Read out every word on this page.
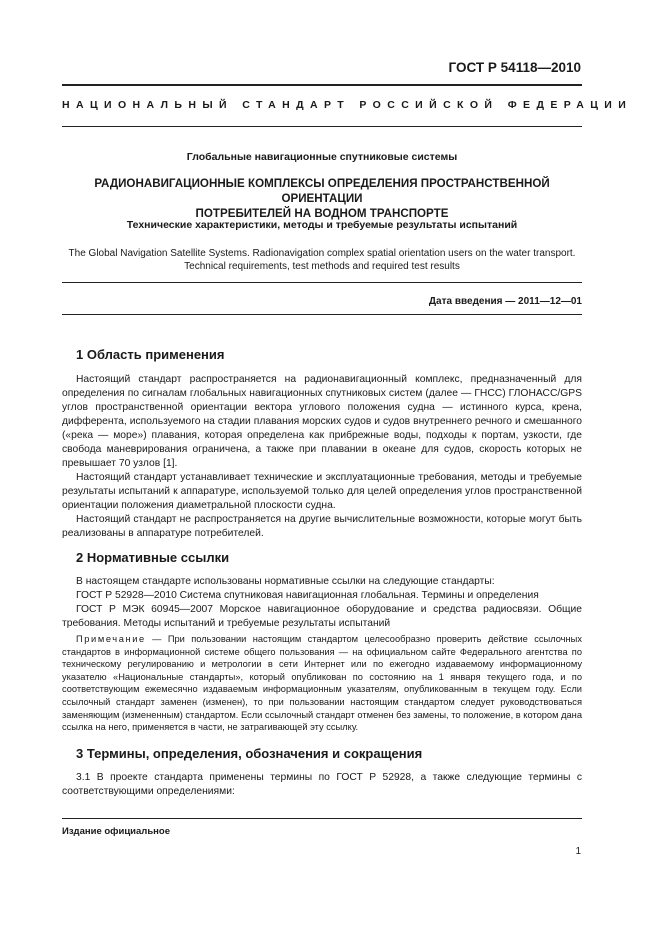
ГОСТ Р 54118—2010
НАЦИОНАЛЬНЫЙ СТАНДАРТ РОССИЙСКОЙ ФЕДЕРАЦИИ
Глобальные навигационные спутниковые системы
РАДИОНАВИГАЦИОННЫЕ КОМПЛЕКСЫ ОПРЕДЕЛЕНИЯ ПРОСТРАНСТВЕННОЙ ОРИЕНТАЦИИ
ПОТРЕБИТЕЛЕЙ НА ВОДНОМ ТРАНСПОРТЕ
Технические характеристики, методы и требуемые результаты испытаний
The Global Navigation Satellite Systems. Radionavigation complex spatial orientation users on the water transport.
Technical requirements, test methods and required test results
Дата введения — 2011—12—01
1 Область применения

Настоящий стандарт распространяется на радионавигационный комплекс, предназначенный для определения по сигналам глобальных навигационных спутниковых систем (далее — ГНСС) ГЛОНАСС/GPS углов пространственной ориентации вектора углового положения судна — истинного курса, крена, дифферента, используемого на стадии плавания морских судов и судов внутреннего речного и смешанного («река — море») плавания, которая определена как прибрежные воды, подходы к портам, узкости, где свобода маневрирования ограничена, а также при плавании в океане для судов, скорость которых не превышает 70 узлов [1].

Настоящий стандарт устанавливает технические и эксплуатационные требования, методы и требуемые результаты испытаний к аппаратуре, используемой только для целей определения углов пространственной ориентации положения диаметральной плоскости судна.

Настоящий стандарт не распространяется на другие вычислительные возможности, которые могут быть реализованы в аппаратуре потребителей.

2 Нормативные ссылки

В настоящем стандарте использованы нормативные ссылки на следующие стандарты:

ГОСТ Р 52928—2010 Система спутниковая навигационная глобальная. Термины и определения

ГОСТ Р МЭК 60945—2007 Морское навигационное оборудование и средства радиосвязи. Общие требования. Методы испытаний и требуемые результаты испытаний

Примечание — При пользовании настоящим стандартом целесообразно проверить действие ссылочных стандартов в информационной системе общего пользования — на официальном сайте Федерального агентства по техническому регулированию и метрологии в сети Интернет или по ежегодно издаваемому информационному указателю «Национальные стандарты», который опубликован по состоянию на 1 января текущего года, и по соответствующим ежемесячно издаваемым информационным указателям, опубликованным в текущем году. Если ссылочный стандарт заменен (изменен), то при пользовании настоящим стандартом следует руководствоваться заменяющим (измененным) стандартом. Если ссылочный стандарт отменен без замены, то положение, в котором дана ссылка на него, применяется в части, не затрагивающей эту ссылку.

3 Термины, определения, обозначения и сокращения

3.1 В проекте стандарта применены термины по ГОСТ Р 52928, а также следующие термины с соответствующими определениями:

Издание официальное
1
